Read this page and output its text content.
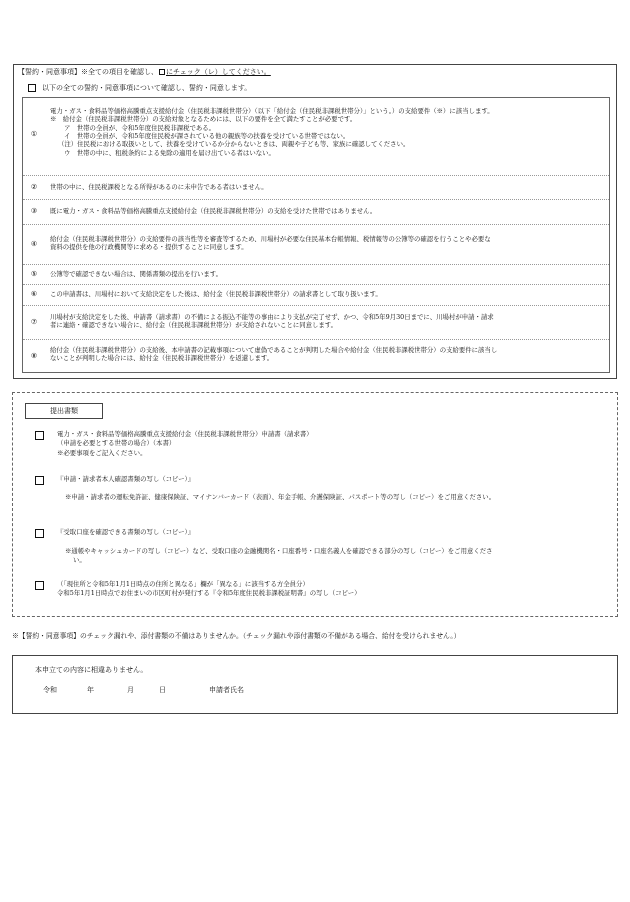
【誓約・同意事項】※全ての項目を確認し、 にチェック（レ）してください。
以下の全ての誓約・同意事項について確認し、誓約・同意します。
①

電力・ガス・食料品等価格高騰重点支援給付金（住民税非課税世帯分）（以下「給付金（住民税非課税世帯分）」という。）の支給要件（※）に該当します。

※　給付金（住民税非課税世帯分）の支給対象となるためには、以下の要件を全て満たすことが必要です。

ア　世帯の全員が、令和5年度住民税非課税である。

イ　世帯の全員が、令和5年度住民税が課されている他の親族等の扶養を受けている世帯ではない。

（注）住民税における取扱いとして、扶養を受けているか分からないときは、両親や子ども等、家族に確認してください。

ウ　世帯の中に、租税条約による免除の適用を届け出ている者はいない。

②	世帯の中に、住民税課税となる所得があるのに未申告である者はいません。

③	既に電力・ガス・食料品等価格高騰重点支援給付金（住民税非課税世帯分）の支給を受けた世帯ではありません。

④

給付金（住民税非課税世帯分）の支給要件の該当性等を審査等するため、川場村が必要な住民基本台帳情報、税情報等の公簿等の確認を行うことや必要な

資料の提供を他の行政機関等に求める・提供することに同意します。

⑤	公簿等で確認できない場合は、関係書類の提出を行います。

⑥	この申請書は、川場村において支給決定をした後は、給付金（住民税非課税世帯分）の請求書として取り扱います。

⑦

川場村が支給決定をした後、申請書（請求書）の不備による振込不能等の事由により支払が完了せず、かつ、令和5年9月30日までに、川場村が申請・請求

者に連絡・確認できない場合に、給付金（住民税非課税世帯分）が支給されないことに同意します。

⑧

給付金（住民税非課税世帯分）の支給後、本申請書の記載事項について虚偽であることが判明した場合や給付金（住民税非課税世帯分）の支給要件に該当し

ないことが判明した場合には、給付金（住民税非課税世帯分）を返還します。

提出書類

電力・ガス・食料品等価格高騰重点支援給付金（住民税非課税世帯分）申請書（請求書）

（申請を必要とする世帯の場合）（本書）

※必要事項をご記入ください。

『申請・請求者本人確認書類の写し（コピー）』

※申請・請求者の運転免許証、健康保険証、マイナンバーカード（表面）、年金手帳、介護保険証、パスポート等の写し（コピー）をご用意ください。

『受取口座を確認できる書類の写し（コピー）』

※通帳やキャッシュカードの写し（コピー）など、受取口座の金融機関名・口座番号・口座名義人を確認できる部分の写し（コピー）をご用意くださ

い。

（「現住所と令和5年1月1日時点の住所と異なる」欄が「異なる」に該当する方全員分）

令和5年1月1日時点でお住まいの市区町村が発行する『令和5年度住民税非課税証明書』の写し（コピー）

※【誓約・同意事項】のチェック漏れや、添付書類の不備はありませんか。（チェック漏れや添付書類の不備がある場合、給付を受けられません。）
本申立ての内容に相違ありません。
令和	年	月	日	申請者氏名
